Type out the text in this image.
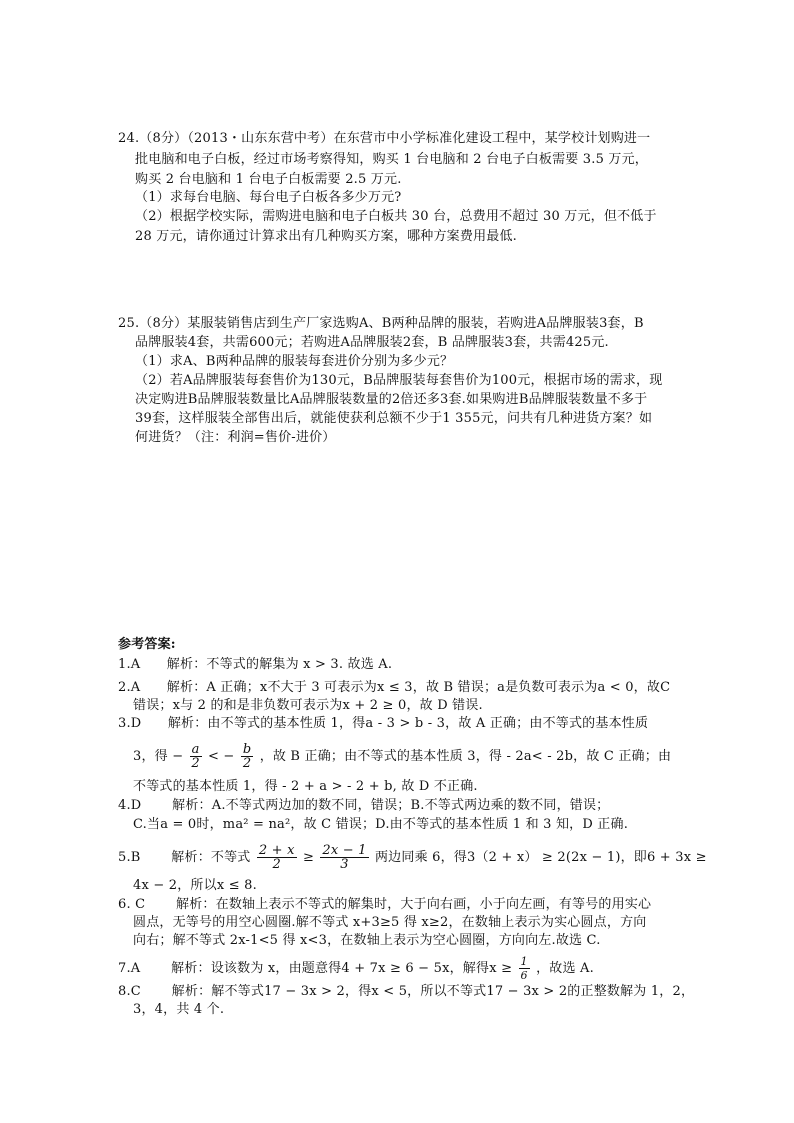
24.（8分）（2013・山东东营中考）在东营市中小学标准化建设工程中，某学校计划购进一
批电脑和电子白板，经过市场考察得知，购买 1 台电脑和 2 台电子白板需要 3.5 万元，
购买 2 台电脑和 1 台电子白板需要 2.5 万元.
（1）求每台电脑、每台电子白板各多少万元?
（2）根据学校实际，需购进电脑和电子白板共 30 台，总费用不超过 30 万元，但不低于
28 万元，请你通过计算求出有几种购买方案，哪种方案费用最低.
25.（8分）某服装销售店到生产厂家选购A、B两种品牌的服装，若购进A品牌服装3套，B
品牌服装4套，共需600元；若购进A品牌服装2套，B 品牌服装3套，共需425元.
（1）求A、B两种品牌的服装每套进价分别为多少元？
（2）若A品牌服装每套售价为130元，B品牌服装每套售价为100元，根据市场的需求，现
决定购进B品牌服装数量比A品牌服装数量的2倍还多3套.如果购进B品牌服装数量不多于
39套，这样服装全部售出后，就能使获利总额不少于1 355元，问共有几种进货方案？如
何进货？（注：利润=售价-进价）
参考答案:
1.A　　解析：不等式的解集为 x > 3. 故选 A.
2.A　　解析：A 正确；x不大于 3 可表示为x ≤ 3，故 B 错误；a是负数可表示为a < 0，故C
错误；x与 2 的和是非负数可表示为x + 2 ≥ 0，故 D 错误.
3.D　　解析：由不等式的基本性质 1，得a - 3 > b - 3，故 A 正确；由不等式的基本性质
3，得 − $\frac{a}{2}$ < − $\frac{b}{2}$ ，故 B 正确；由不等式的基本性质 3，得 - 2a< - 2b，故 C 正确；由
不等式的基本性质 1，得 - 2 + a > - 2 + b, 故 D 不正确.
4.D　　 解析：A.不等式两边加的数不同，错误；B.不等式两边乘的数不同，错误；
C.当a = 0时，ma² = na²，故 C 错误；D.由不等式的基本性质 1 和 3 知，D 正确.
5.B　　 解析：不等式 $\frac{2 + x}{2} \ge \frac{2x - 1}{3}$ 两边同乘 6，得3（2 + x） ≥ 2(2x − 1)，即6 + 3x ≥
4x − 2，所以x ≤ 8.
6. C　　 解析：在数轴上表示不等式的解集时，大于向右画，小于向左画，有等号的用实心
圆点，无等号的用空心圆圈.解不等式 x+3≥5 得 x≥2，在数轴上表示为实心圆点，方向
向右；解不等式 2x-1<5 得 x<3，在数轴上表示为空心圆圈，方向向左.故选 C.
7.A　　 解析：设该数为 x，由题意得4 + 7x ≥ 6 − 5x，解得$x \ge \frac{1}{6}$ ，故选 A.
8.C　　 解析：解不等式17 − 3x > 2，得x < 5，所以不等式17 − 3x > 2的正整数解为 1，2，
3，4，共 4 个.
